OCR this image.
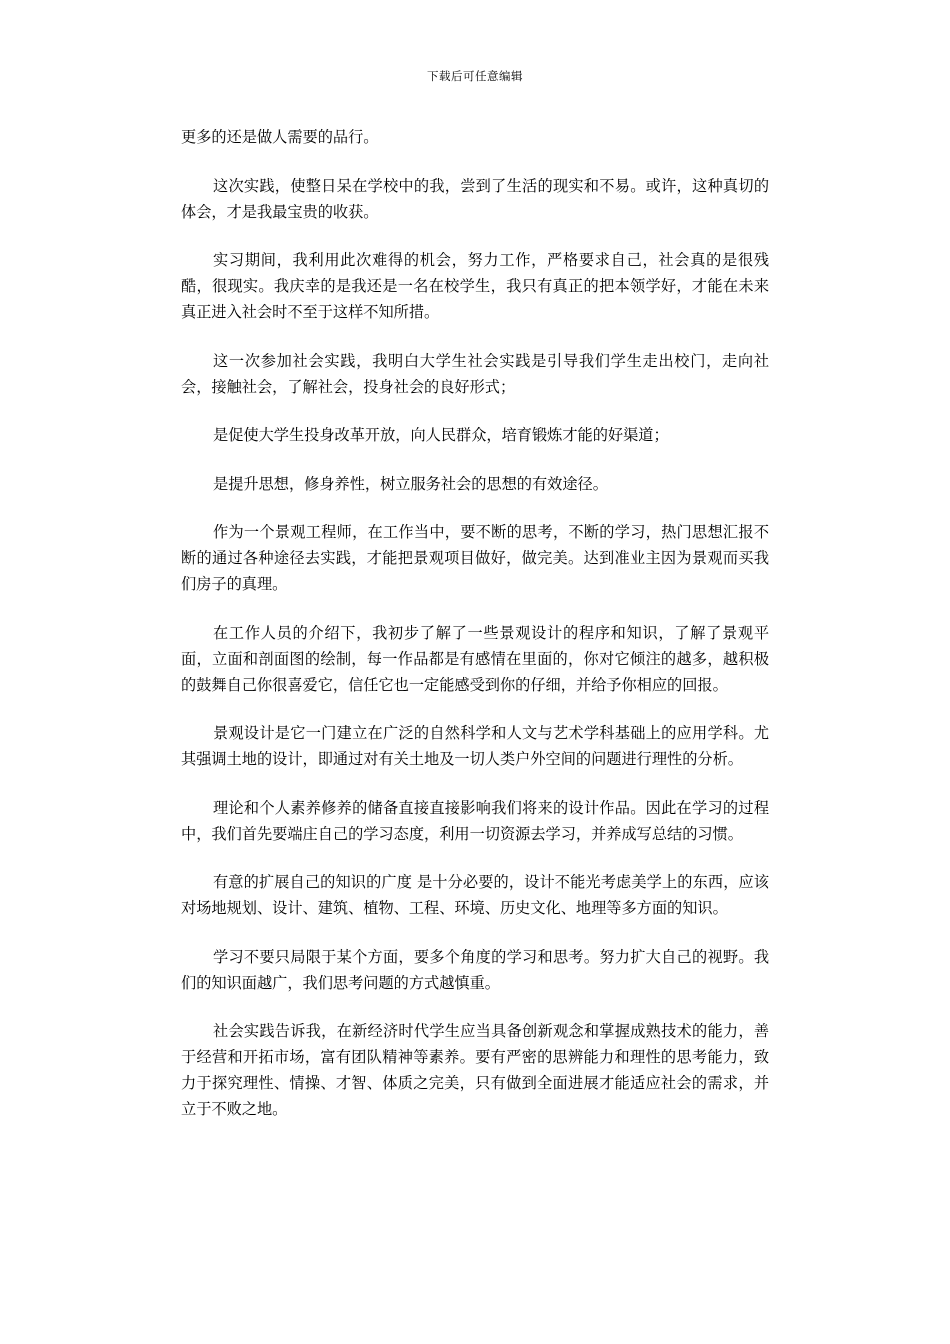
下载后可任意编辑

更多的还是做人需要的品行。

这次实践，使整日呆在学校中的我，尝到了生活的现实和不易。或许，这种真切的体会，才是我最宝贵的收获。

实习期间，我利用此次难得的机会，努力工作，严格要求自己，社会真的是很残酷，很现实。我庆幸的是我还是一名在校学生，我只有真正的把本领学好，才能在未来真正进入社会时不至于这样不知所措。

这一次参加社会实践，我明白大学生社会实践是引导我们学生走出校门，走向社会，接触社会，了解社会，投身社会的良好形式；

是促使大学生投身改革开放，向人民群众，培育锻炼才能的好渠道；

是提升思想，修身养性，树立服务社会的思想的有效途径。

作为一个景观工程师，在工作当中，要不断的思考，不断的学习，热门思想汇报不断的通过各种途径去实践，才能把景观项目做好，做完美。达到准业主因为景观而买我们房子的真理。

在工作人员的介绍下，我初步了解了一些景观设计的程序和知识，了解了景观平面，立面和剖面图的绘制，每一作品都是有感情在里面的，你对它倾注的越多，越积极的鼓舞自己你很喜爱它，信任它也一定能感受到你的仔细，并给予你相应的回报。

景观设计是它一门建立在广泛的自然科学和人文与艺术学科基础上的应用学科。尤其强调土地的设计，即通过对有关土地及一切人类户外空间的问题进行理性的分析。

理论和个人素养修养的储备直接直接影响我们将来的设计作品。因此在学习的过程中，我们首先要端庄自己的学习态度，利用一切资源去学习，并养成写总结的习惯。

有意的扩展自己的知识的广度 是十分必要的，设计不能光考虑美学上的东西，应该对场地规划、设计、建筑、植物、工程、环境、历史文化、地理等多方面的知识。

学习不要只局限于某个方面，要多个角度的学习和思考。努力扩大自己的视野。我们的知识面越广，我们思考问题的方式越慎重。

社会实践告诉我，在新经济时代学生应当具备创新观念和掌握成熟技术的能力，善于经营和开拓市场，富有团队精神等素养。要有严密的思辨能力和理性的思考能力，致力于探究理性、情操、才智、体质之完美，只有做到全面进展才能适应社会的需求，并立于不败之地。
